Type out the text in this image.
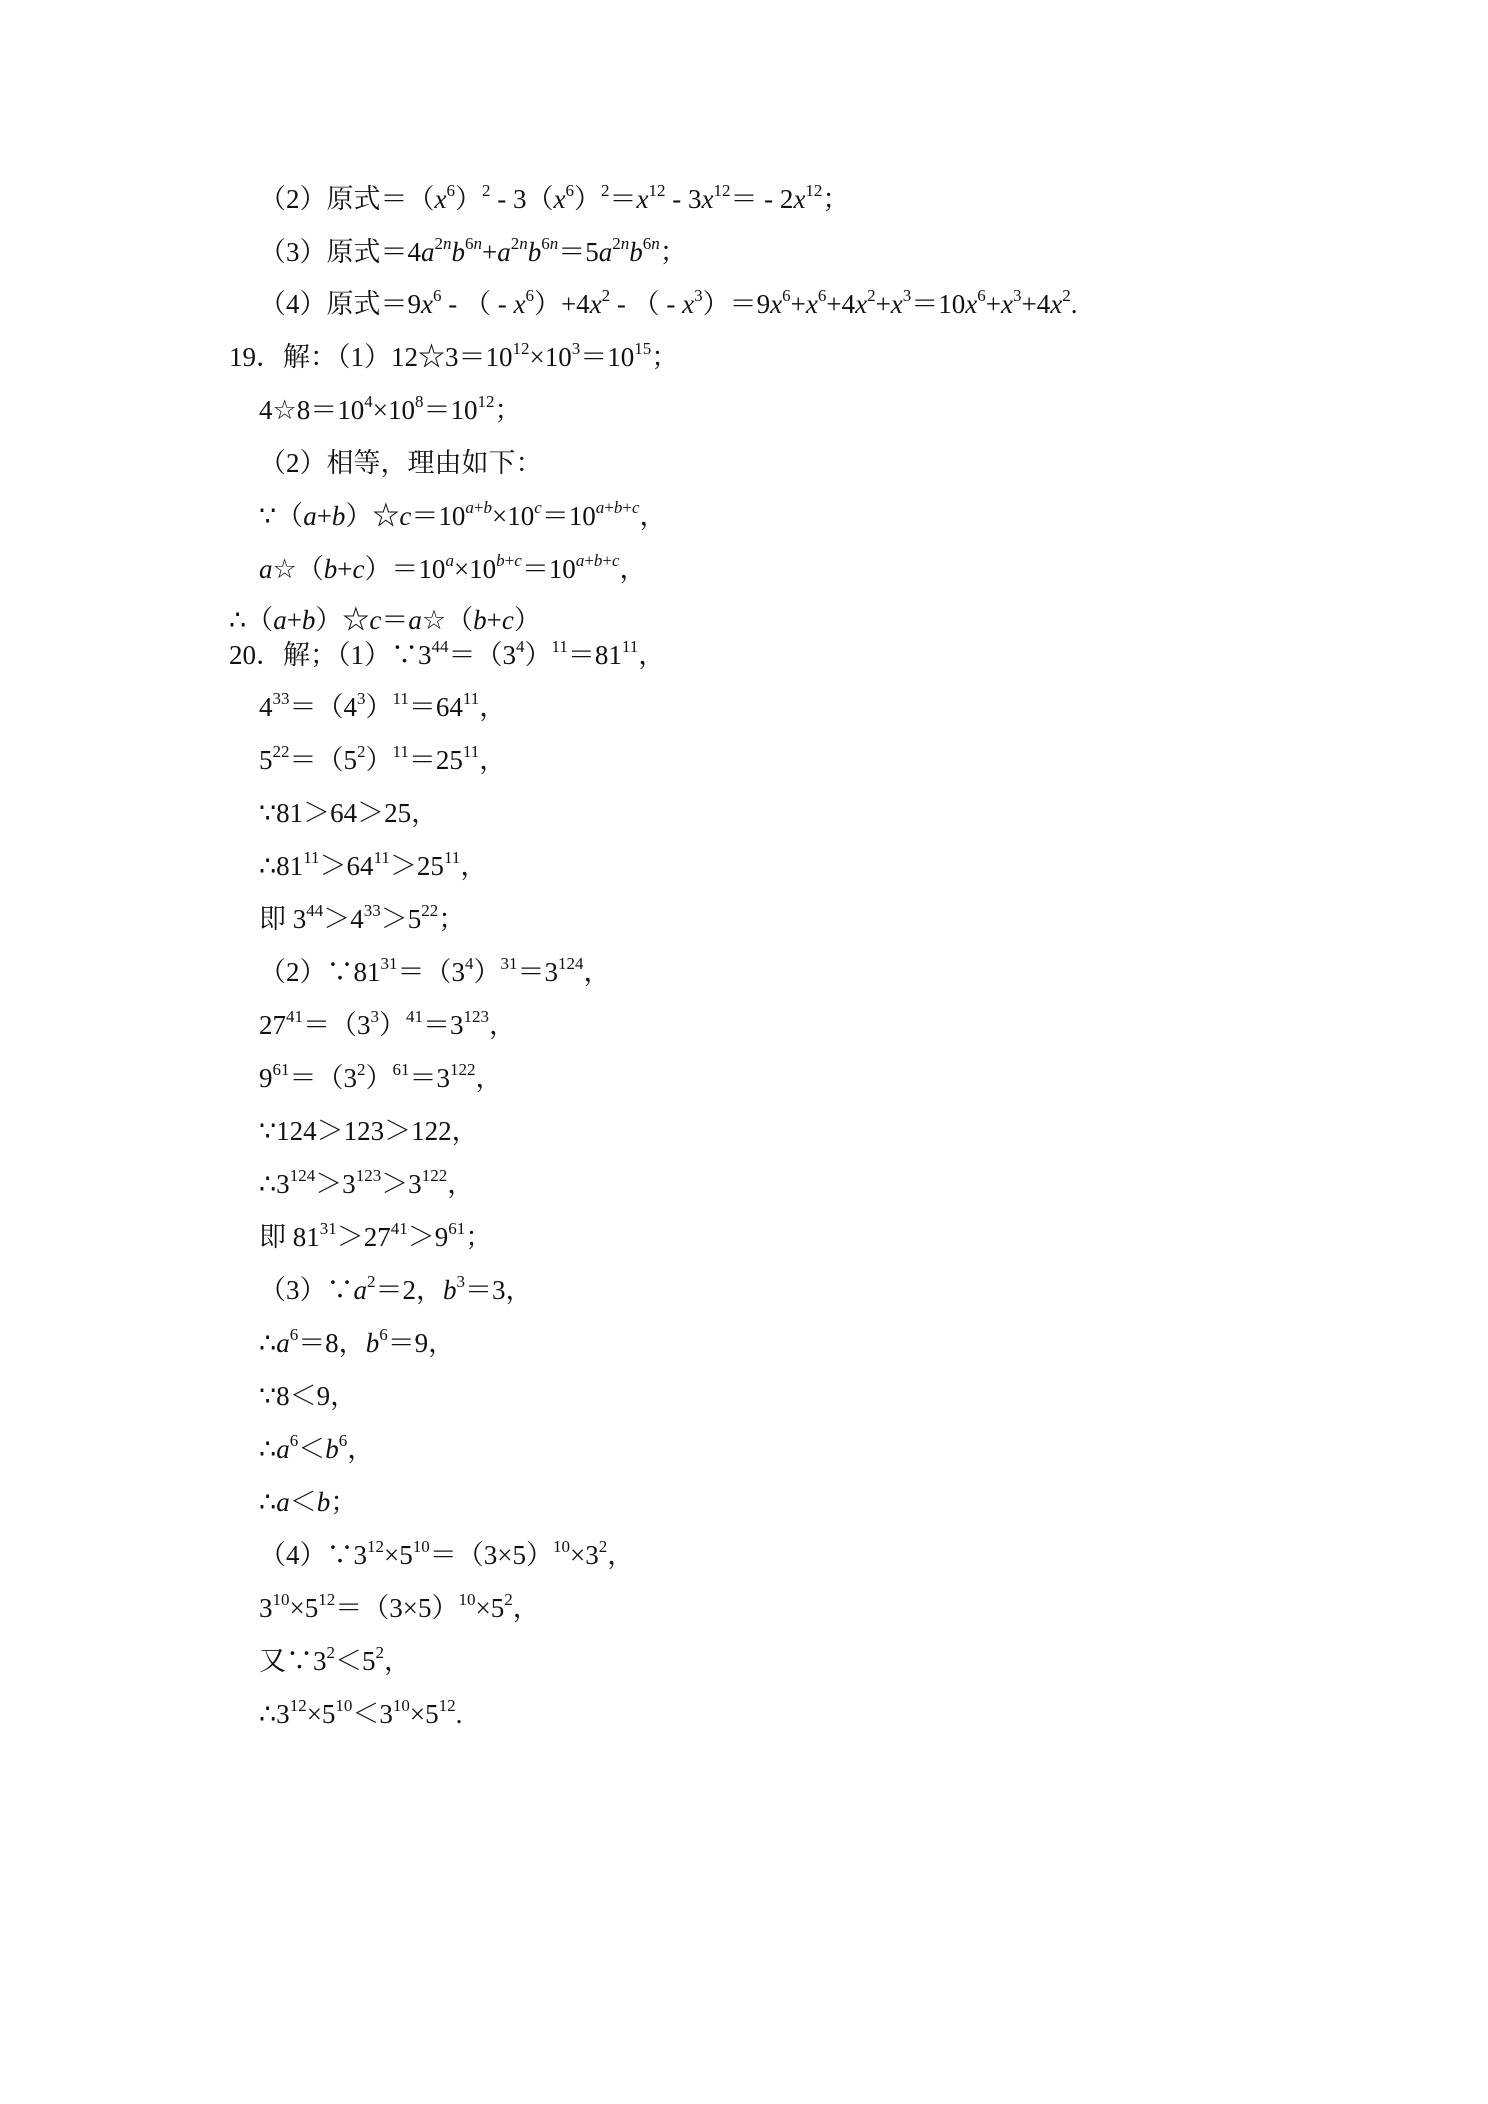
（2）原式$=(x^6)^2 - 3(x^6)^2=x^{12} - 3x^{12}= - 2x^{12}$；
（3）原式$=4a^{2n}b^{6n}+a^{2n}b^{6n}=5a^{2n}b^{6n}$；
（4）原式$=9x^6$ - （ - $x^6)+4x^2$ - （ - $x^3)=9x^6+x^6+4x^2+x^3=10x^6+x^3+4x^2$.
19．解：$(1)12☆3=10^{12}\times 10^3=10^{15}$；
$4☆8=10^4\times 10^8=10^{12}$；
（2）相等，理由如下：
$\because(a+b)☆c=10^{a+b}\times 10^c=10^{a+b+c}$，
$a☆(b+c)=10^a\times 10^{b+c}=10^{a+b+c}$，
∴（a+b）☆c＝a☆（b+c）
20．解；$(1)\because 3^{44}=(3^4)^{11}=81^{11}$，
$4^{33}=(4^3)^{11}=64^{11}$，
$5^{22}=(5^2)^{11}=25^{11}$，
∵81＞64＞25，
$\therefore 81^{11}>64^{11}>25^{11}$，
即 $3^{44}>4^{33}>5^{22}$；
$(2)\because 81^{31}=(3^4)^{31}=3^{124}$，
$27^{41}=(3^3)^{41}=3^{123}$，
$9^{61}=(3^2)^{61}=3^{122}$，
∵124＞123＞122，
$\therefore 3^{124}>3^{123}>3^{122}$，
即 $81^{31}>27^{41}>9^{61}$；
$(3)\because a^2=2$，$b^3=3$，
$\therefore a^6=8$，$b^6=9$，
∵8＜9，
$\therefore a^6<b^6$，
∴a＜b；
$(4)\because 3^{12}\times 5^{10}=(3\times 5)^{10}\times 3^2$，
$3^{10}\times 5^{12}=(3\times 5)^{10}\times 5^2$，
又$\because 3^2<5^2$，
$\therefore 3^{12}\times 5^{10}<3^{10}\times 5^{12}$.
